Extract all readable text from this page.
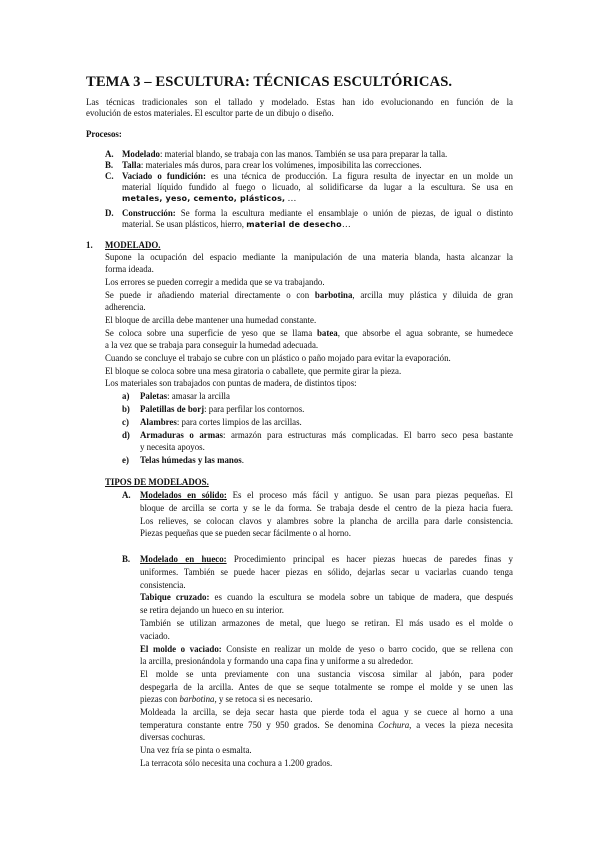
TEMA 3 – ESCULTURA: TÉCNICAS ESCULTÓRICAS.
Las técnicas tradicionales son el tallado y modelado. Estas han ido evolucionando en función de la
evolución de estos materiales. El escultor parte de un dibujo o diseño.
Procesos:
A. Modelado: material blando, se trabaja con las manos. También se usa para preparar la talla.
B. Talla: materiales más duros, para crear los volúmenes, imposibilita las correcciones.
C. Vaciado o fundición: es una técnica de producción. La figura resulta de inyectar en un molde un
material líquido fundido al fuego o licuado, al solidificarse da lugar a la escultura. Se usa en
metales, yeso, cemento, plásticos, …
D. Construcción: Se forma la escultura mediante el ensamblaje o unión de piezas, de igual o distinto
material. Se usan plásticos, hierro, material de desecho…
1. MODELADO.
Supone la ocupación del espacio mediante la manipulación de una materia blanda, hasta alcanzar la
forma ideada.
Los errores se pueden corregir a medida que se va trabajando.
Se puede ir añadiendo material directamente o con barbotina, arcilla muy plástica y diluida de gran
adherencia.
El bloque de arcilla debe mantener una humedad constante.
Se coloca sobre una superficie de yeso que se llama batea, que absorbe el agua sobrante, se humedece
a la vez que se trabaja para conseguir la humedad adecuada.
Cuando se concluye el trabajo se cubre con un plástico o paño mojado para evitar la evaporación.
El bloque se coloca sobre una mesa giratoria o caballete, que permite girar la pieza.
Los materiales son trabajados con puntas de madera, de distintos tipos:
a) Paletas: amasar la arcilla
b) Paletillas de borj: para perfilar los contornos.
c) Alambres: para cortes limpios de las arcillas.
d) Armaduras o armas: armazón para estructuras más complicadas. El barro seco pesa bastante
y necesita apoyos.
e) Telas húmedas y las manos.
TIPOS DE MODELADOS.
A. Modelados en sólido: Es el proceso más fácil y antiguo. Se usan para piezas pequeñas. El
bloque de arcilla se corta y se le da forma. Se trabaja desde el centro de la pieza hacia fuera.
Los relieves, se colocan clavos y alambres sobre la plancha de arcilla para darle consistencia.
Piezas pequeñas que se pueden secar fácilmente o al horno.
B. Modelado en hueco: Procedimiento principal es hacer piezas huecas de paredes finas y
uniformes. También se puede hacer piezas en sólido, dejarlas secar u vaciarlas cuando tenga
consistencia.
Tabique cruzado: es cuando la escultura se modela sobre un tabique de madera, que después
se retira dejando un hueco en su interior.
También se utilizan armazones de metal, que luego se retiran. El más usado es el molde o
vaciado.
El molde o vaciado: Consiste en realizar un molde de yeso o barro cocido, que se rellena con
la arcilla, presionándola y formando una capa fina y uniforme a su alrededor.
El molde se unta previamente con una sustancia viscosa similar al jabón, para poder
despegarla de la arcilla. Antes de que se seque totalmente se rompe el molde y se unen las
piezas con barbotina, y se retoca si es necesario.
Moldeada la arcilla, se deja secar hasta que pierde toda el agua y se cuece al horno a una
temperatura constante entre 750 y 950 grados. Se denomina Cochura, a veces la pieza necesita
diversas cochuras.
Una vez fría se pinta o esmalta.
La terracota sólo necesita una cochura a 1.200 grados.
